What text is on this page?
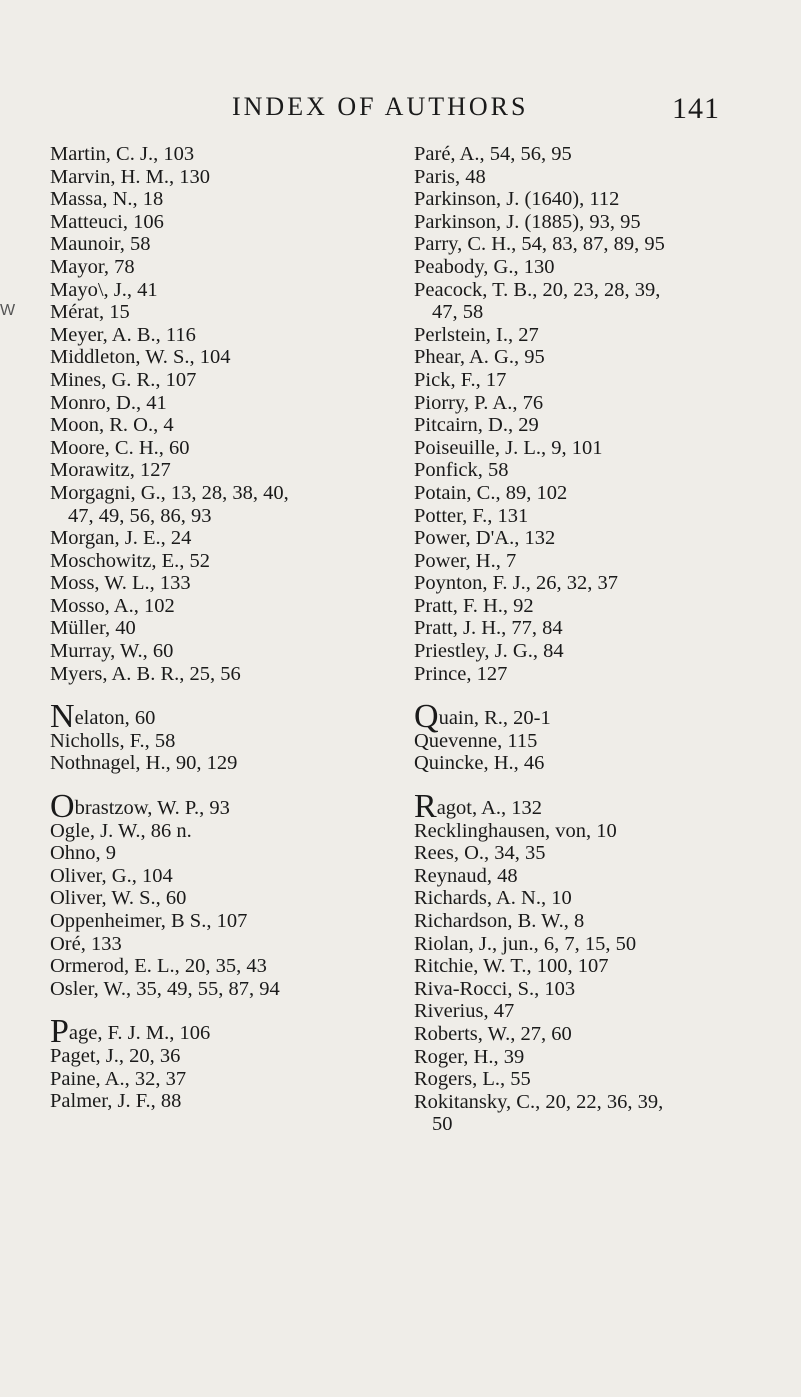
INDEX OF AUTHORS	141
W
Martin, C. J., 103
Marvin, H. M., 130
Massa, N., 18
Matteuci, 106
Maunoir, 58
Mayor, 78
Mayo\, J., 41
Mérat, 15
Meyer, A. B., 116
Middleton, W. S., 104
Mines, G. R., 107
Monro, D., 41
Moon, R. O., 4
Moore, C. H., 60
Morawitz, 127
Morgagni, G., 13, 28, 38, 40,
47, 49, 56, 86, 93
Morgan, J. E., 24
Moschowitz, E., 52
Moss, W. L., 133
Mosso, A., 102
Müller, 40
Murray, W., 60
Myers, A. B. R., 25, 56
Nelaton, 60
Nicholls, F., 58
Nothnagel, H., 90, 129
Obrastzow, W. P., 93
Ogle, J. W., 86 n.
Ohno, 9
Oliver, G., 104
Oliver, W. S., 60
Oppenheimer, B S., 107
Oré, 133
Ormerod, E. L., 20, 35, 43
Osler, W., 35, 49, 55, 87, 94
Page, F. J. M., 106
Paget, J., 20, 36
Paine, A., 32, 37
Palmer, J. F., 88
Paré, A., 54, 56, 95
Paris, 48
Parkinson, J. (1640), 112
Parkinson, J. (1885), 93, 95
Parry, C. H., 54, 83, 87, 89, 95
Peabody, G., 130
Peacock, T. B., 20, 23, 28, 39,
47, 58
Perlstein, I., 27
Phear, A. G., 95
Pick, F., 17
Piorry, P. A., 76
Pitcairn, D., 29
Poiseuille, J. L., 9, 101
Ponfick, 58
Potain, C., 89, 102
Potter, F., 131
Power, D'A., 132
Power, H., 7
Poynton, F. J., 26, 32, 37
Pratt, F. H., 92
Pratt, J. H., 77, 84
Priestley, J. G., 84
Prince, 127
Quain, R., 20-1
Quevenne, 115
Quincke, H., 46
Ragot, A., 132
Recklinghausen, von, 10
Rees, O., 34, 35
Reynaud, 48
Richards, A. N., 10
Richardson, B. W., 8
Riolan, J., jun., 6, 7, 15, 50
Ritchie, W. T., 100, 107
Riva-Rocci, S., 103
Riverius, 47
Roberts, W., 27, 60
Roger, H., 39
Rogers, L., 55
Rokitansky, C., 20, 22, 36, 39,
50
